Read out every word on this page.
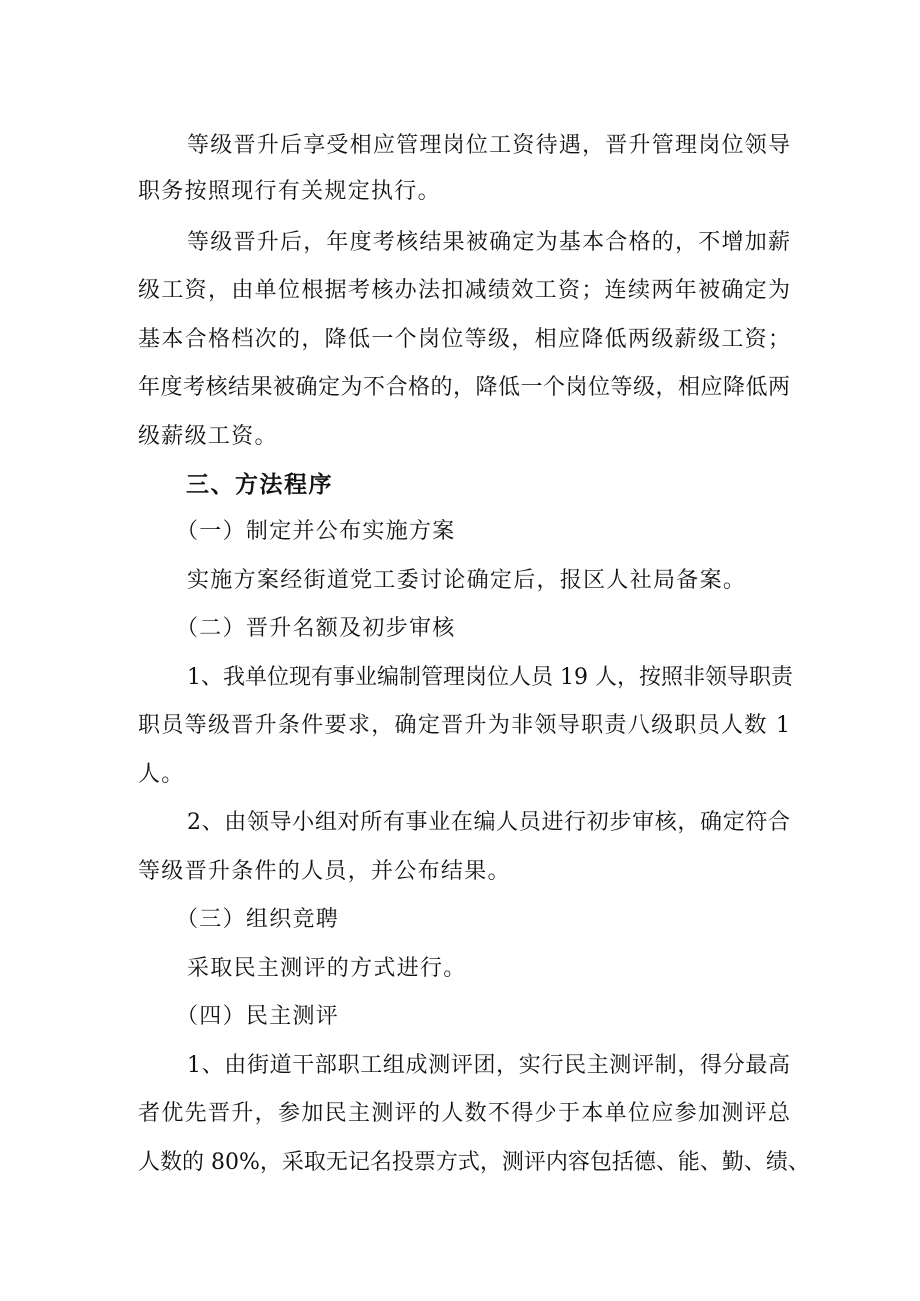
等级晋升后享受相应管理岗位工资待遇，晋升管理岗位领导
职务按照现行有关规定执行。
等级晋升后，年度考核结果被确定为基本合格的，不增加薪
级工资，由单位根据考核办法扣减绩效工资；连续两年被确定为
基本合格档次的，降低一个岗位等级，相应降低两级薪级工资；
年度考核结果被确定为不合格的，降低一个岗位等级，相应降低两
级薪级工资。
三、方法程序
（一）制定并公布实施方案
实施方案经街道党工委讨论确定后，报区人社局备案。
（二）晋升名额及初步审核
1、我单位现有事业编制管理岗位人员 19 人，按照非领导职责
职员等级晋升条件要求，确定晋升为非领导职责八级职员人数 1
人。
2、由领导小组对所有事业在编人员进行初步审核，确定符合
等级晋升条件的人员，并公布结果。
（三）组织竞聘
采取民主测评的方式进行。
（四）民主测评
1、由街道干部职工组成测评团，实行民主测评制，得分最高
者优先晋升，参加民主测评的人数不得少于本单位应参加测评总
人数的 80%，采取无记名投票方式，测评内容包括德、能、勤、绩、
